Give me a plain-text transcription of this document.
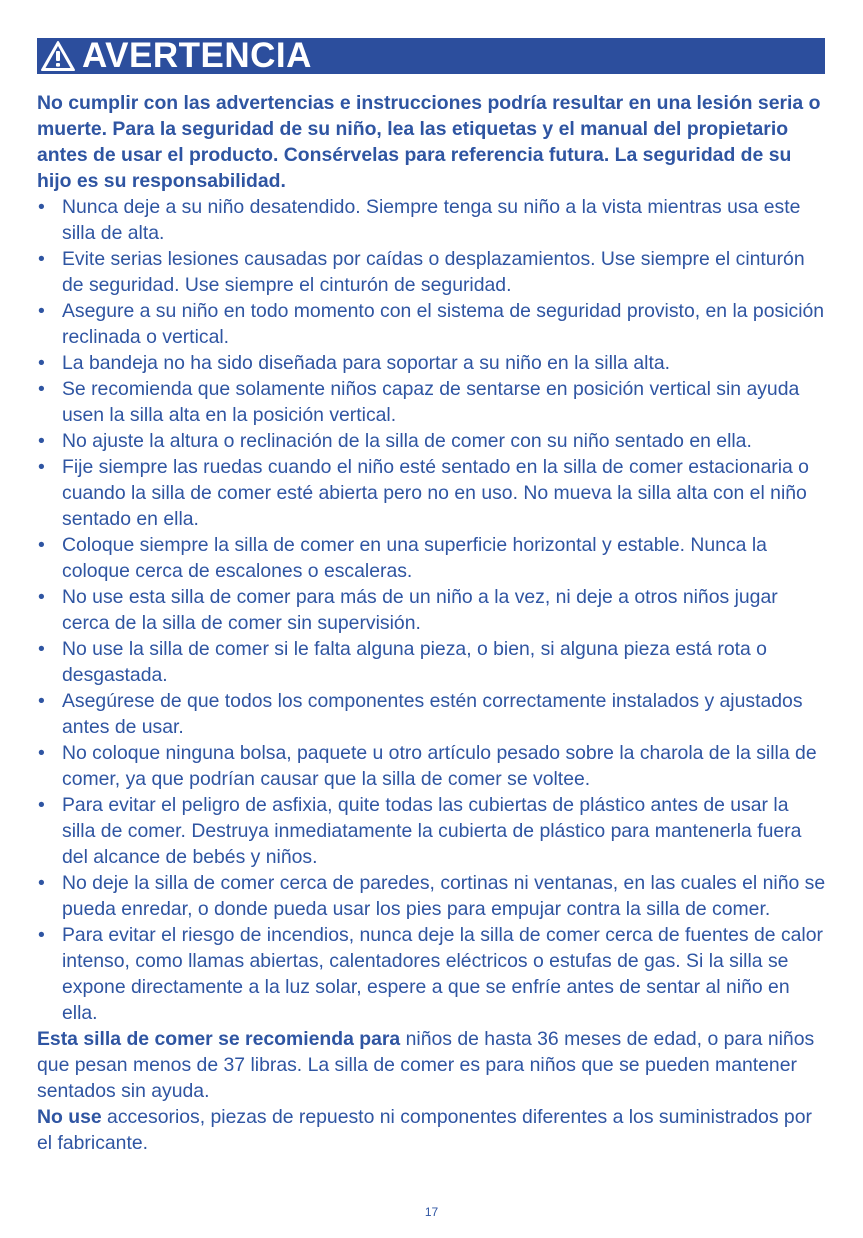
AVERTENCIA

No cumplir con las advertencias e instrucciones podría resultar en una lesión seria o muerte. Para la seguridad de su niño, lea las etiquetas y el manual del propietario antes de usar el producto. Consérvelas para referencia futura. La seguridad de su hijo es su responsabilidad.

• Nunca deje a su niño desatendido. Siempre tenga su niño a la vista mientras usa este silla de alta.
• Evite serias lesiones causadas por caídas o desplazamientos. Use siempre el cinturón de seguridad. Use siempre el cinturón de seguridad.
• Asegure a su niño en todo momento con el sistema de seguridad provisto, en la posición reclinada o vertical.
• La bandeja no ha sido diseñada para soportar a su niño en la silla alta.
• Se recomienda que solamente niños capaz de sentarse en posición vertical sin ayuda usen la silla alta en la posición vertical.
• No ajuste la altura o reclinación de la silla de comer con su niño sentado en ella.
• Fije siempre las ruedas cuando el niño esté sentado en la silla de comer estacionaria o cuando la silla de comer esté abierta pero no en uso. No mueva la silla alta con el niño sentado en ella.
• Coloque siempre la silla de comer en una superficie horizontal y estable. Nunca la coloque cerca de escalones o escaleras.
• No use esta silla de comer para más de un niño a la vez, ni deje a otros niños jugar cerca de la silla de comer sin supervisión.
• No use la silla de comer si le falta alguna pieza, o bien, si alguna pieza está rota o desgastada.
• Asegúrese de que todos los componentes estén correctamente instalados y ajustados antes de usar.
• No coloque ninguna bolsa, paquete u otro artículo pesado sobre la charola de la silla de comer, ya que podrían causar que la silla de comer se voltee.
• Para evitar el peligro de asfixia, quite todas las cubiertas de plástico antes de usar la silla de comer. Destruya inmediatamente la cubierta de plástico para mantenerla fuera del alcance de bebés y niños.
• No deje la silla de comer cerca de paredes, cortinas ni ventanas, en las cuales el niño se pueda enredar, o donde pueda usar los pies para empujar contra la silla de comer.
• Para evitar el riesgo de incendios, nunca deje la silla de comer cerca de fuentes de calor intenso, como llamas abiertas, calentadores eléctricos o estufas de gas. Si la silla se expone directamente a la luz solar, espere a que se enfríe antes de sentar al niño en ella.

Esta silla de comer se recomienda para niños de hasta 36 meses de edad, o para niños que pesan menos de 37 libras. La silla de comer es para niños que se pueden mantener sentados sin ayuda.

No use accesorios, piezas de repuesto ni componentes diferentes a los suministrados por el fabricante.

17
